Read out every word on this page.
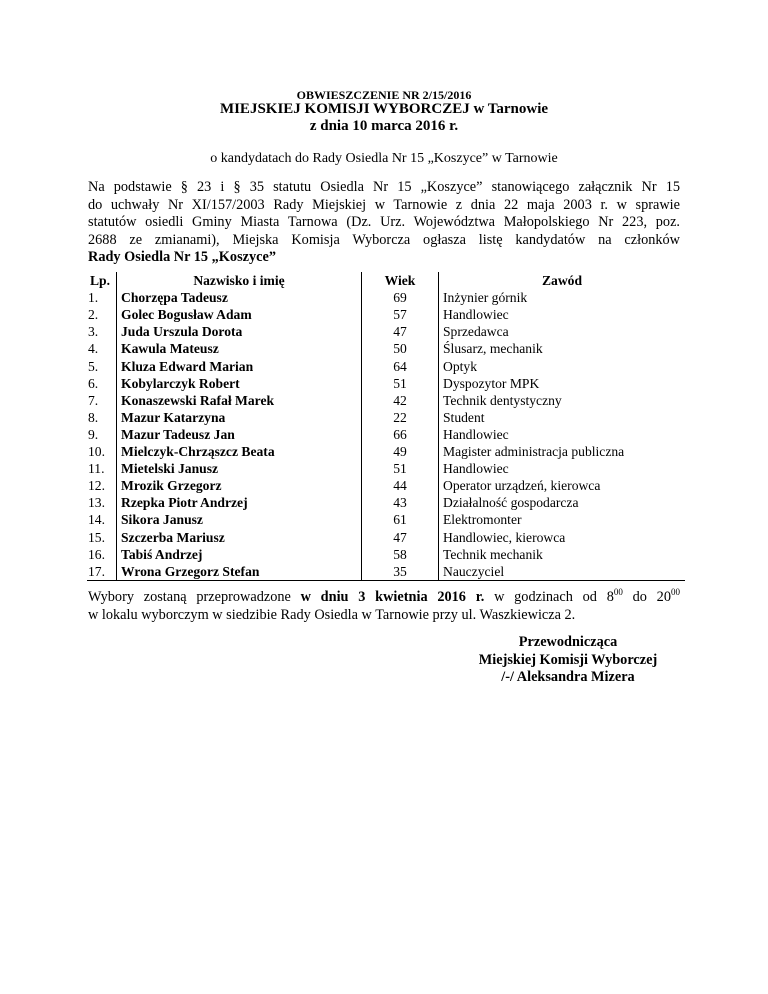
OBWIESZCZENIE NR 2/15/2016
MIEJSKIEJ KOMISJI WYBORCZEJ w Tarnowie
z dnia 10 marca 2016 r.
o kandydatach do Rady Osiedla Nr 15 „Koszyce” w Tarnowie
Na podstawie § 23 i § 35 statutu Osiedla Nr 15 „Koszyce” stanowiącego załącznik Nr 15
do uchwały Nr XI/157/2003 Rady Miejskiej w Tarnowie z dnia 22 maja 2003 r. w sprawie
statutów osiedli Gminy Miasta Tarnowa (Dz. Urz. Województwa Małopolskiego Nr 223, poz.
2688 ze zmianami), Miejska Komisja Wyborcza ogłasza listę kandydatów na członków
Rady Osiedla Nr 15 „Koszyce”
Lp.	Nazwisko i imię	Wiek	Zawód
1.	Chorzępa Tadeusz	69	Inżynier górnik
2.	Golec Bogusław Adam	57	Handlowiec
3.	Juda Urszula Dorota	47	Sprzedawca
4.	Kawula Mateusz	50	Ślusarz, mechanik
5.	Kluza Edward Marian	64	Optyk
6.	Kobylarczyk Robert	51	Dyspozytor MPK
7.	Konaszewski Rafał Marek	42	Technik dentystyczny
8.	Mazur Katarzyna	22	Student
9.	Mazur Tadeusz Jan	66	Handlowiec
10.	Mielczyk-Chrząszcz Beata	49	Magister administracja publiczna
11.	Mietelski Janusz	51	Handlowiec
12.	Mrozik Grzegorz	44	Operator urządzeń, kierowca
13.	Rzepka Piotr Andrzej	43	Działalność gospodarcza
14.	Sikora Janusz	61	Elektromonter
15.	Szczerba Mariusz	47	Handlowiec, kierowca
16.	Tabiś Andrzej	58	Technik mechanik
17.	Wrona Grzegorz Stefan	35	Nauczyciel
Wybory zostaną przeprowadzone w dniu 3 kwietnia 2016 r. w godzinach od $8^{00}$ do $20^{00}$
w lokalu wyborczym w siedzibie Rady Osiedla w Tarnowie przy ul. Waszkiewicza 2.
Przewodnicząca
Miejskiej Komisji Wyborczej
/-/ Aleksandra Mizera
